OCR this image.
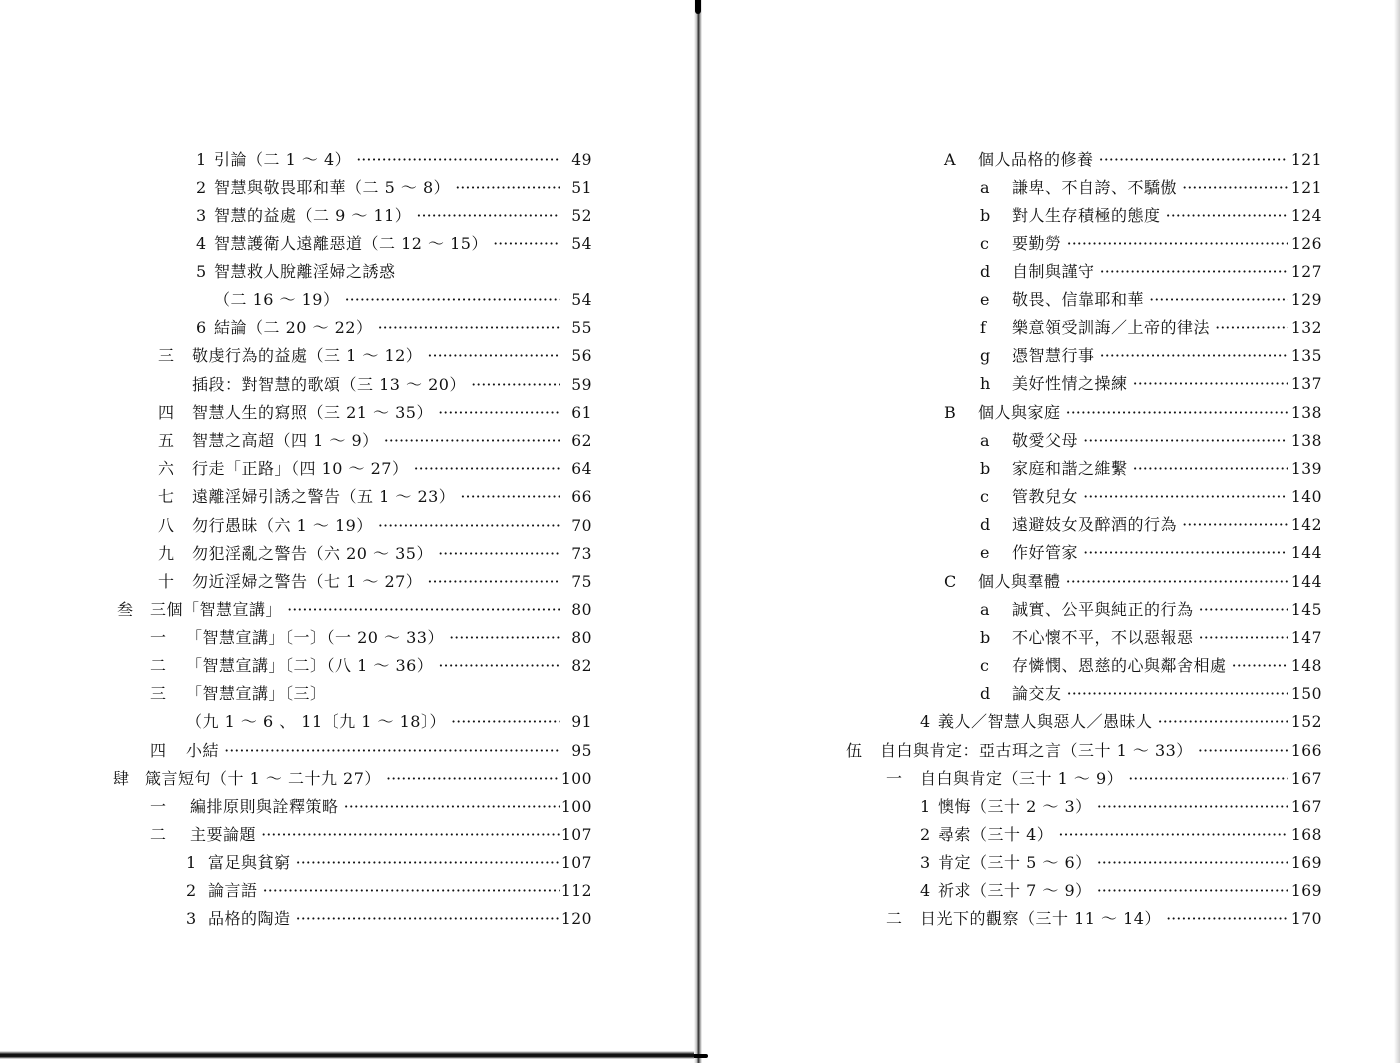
1 引論（二 1 ～ 4） ·····	49
2 智慧與敬畏耶和華（二 5 ～ 8） ·····	51
3 智慧的益處（二 9 ～ 11） ·····	52
4 智慧護衛人遠離惡道（二 12 ～ 15） ·····	54
5 智慧救人脫離淫婦之誘惑
（二 16 ～ 19） ·····	54
6 結論（二 20 ～ 22） ·····	55
三 敬虔行為的益處（三 1 ～ 12） ·····	56
插段：對智慧的歌頌（三 13 ～ 20） ·····	59
四 智慧人生的寫照（三 21 ～ 35） ·····	61
五 智慧之高超（四 1 ～ 9） ·····	62
六 行走「正路」（四 10 ～ 27） ·····	64
七 遠離淫婦引誘之警告（五 1 ～ 23） ·····	66
八 勿行愚昧（六 1 ～ 19） ·····	70
九 勿犯淫亂之警告（六 20 ～ 35） ·····	73
十 勿近淫婦之警告（七 1 ～ 27） ·····	75
叁 三個「智慧宣講」 ·····	80
一 「智慧宣講」〔一〕（一 20 ～ 33） ·····	80
二 「智慧宣講」〔二〕（八 1 ～ 36） ·····	82
三 「智慧宣講」〔三〕
（九 1 ～ 6 、 11〔九 1 ～ 18〕） ·····	91
四 小結 ·····	95
肆 箴言短句（十 1 ～ 二十九 27） ·····	100
一 編排原則與詮釋策略 ·····	100
二 主要論題 ·····	107
1 富足與貧窮 ·····	107
2 論言語 ·····	112
3 品格的陶造 ·····	120
A 個人品格的修養 ·····	121
a 謙卑、不自誇、不驕傲 ·····	121
b 對人生存積極的態度 ·····	124
c 要勤勞 ·····	126
d 自制與謹守 ·····	127
e 敬畏、信靠耶和華 ·····	129
f 樂意領受訓誨／上帝的律法 ·····	132
g 憑智慧行事 ·····	135
h 美好性情之操練 ·····	137
B 個人與家庭 ·····	138
a 敬愛父母 ·····	138
b 家庭和諧之維繫 ·····	139
c 管教兒女 ·····	140
d 遠避妓女及醉酒的行為 ·····	142
e 作好管家 ·····	144
C 個人與羣體 ·····	144
a 誠實、公平與純正的行為 ·····	145
b 不心懷不平，不以惡報惡 ·····	147
c 存憐憫、恩慈的心與鄰舍相處 ·····	148
d 論交友 ·····	150
4 義人／智慧人與惡人／愚昧人 ·····	152
伍 自白與肯定：亞古珥之言（三十 1 ～ 33） ·····	166
一 自白與肯定（三十 1 ～ 9） ·····	167
1 懊悔（三十 2 ～ 3） ·····	167
2 尋索（三十 4） ·····	168
3 肯定（三十 5 ～ 6） ·····	169
4 祈求（三十 7 ～ 9） ·····	169
二 日光下的觀察（三十 11 ～ 14） ·····	170
